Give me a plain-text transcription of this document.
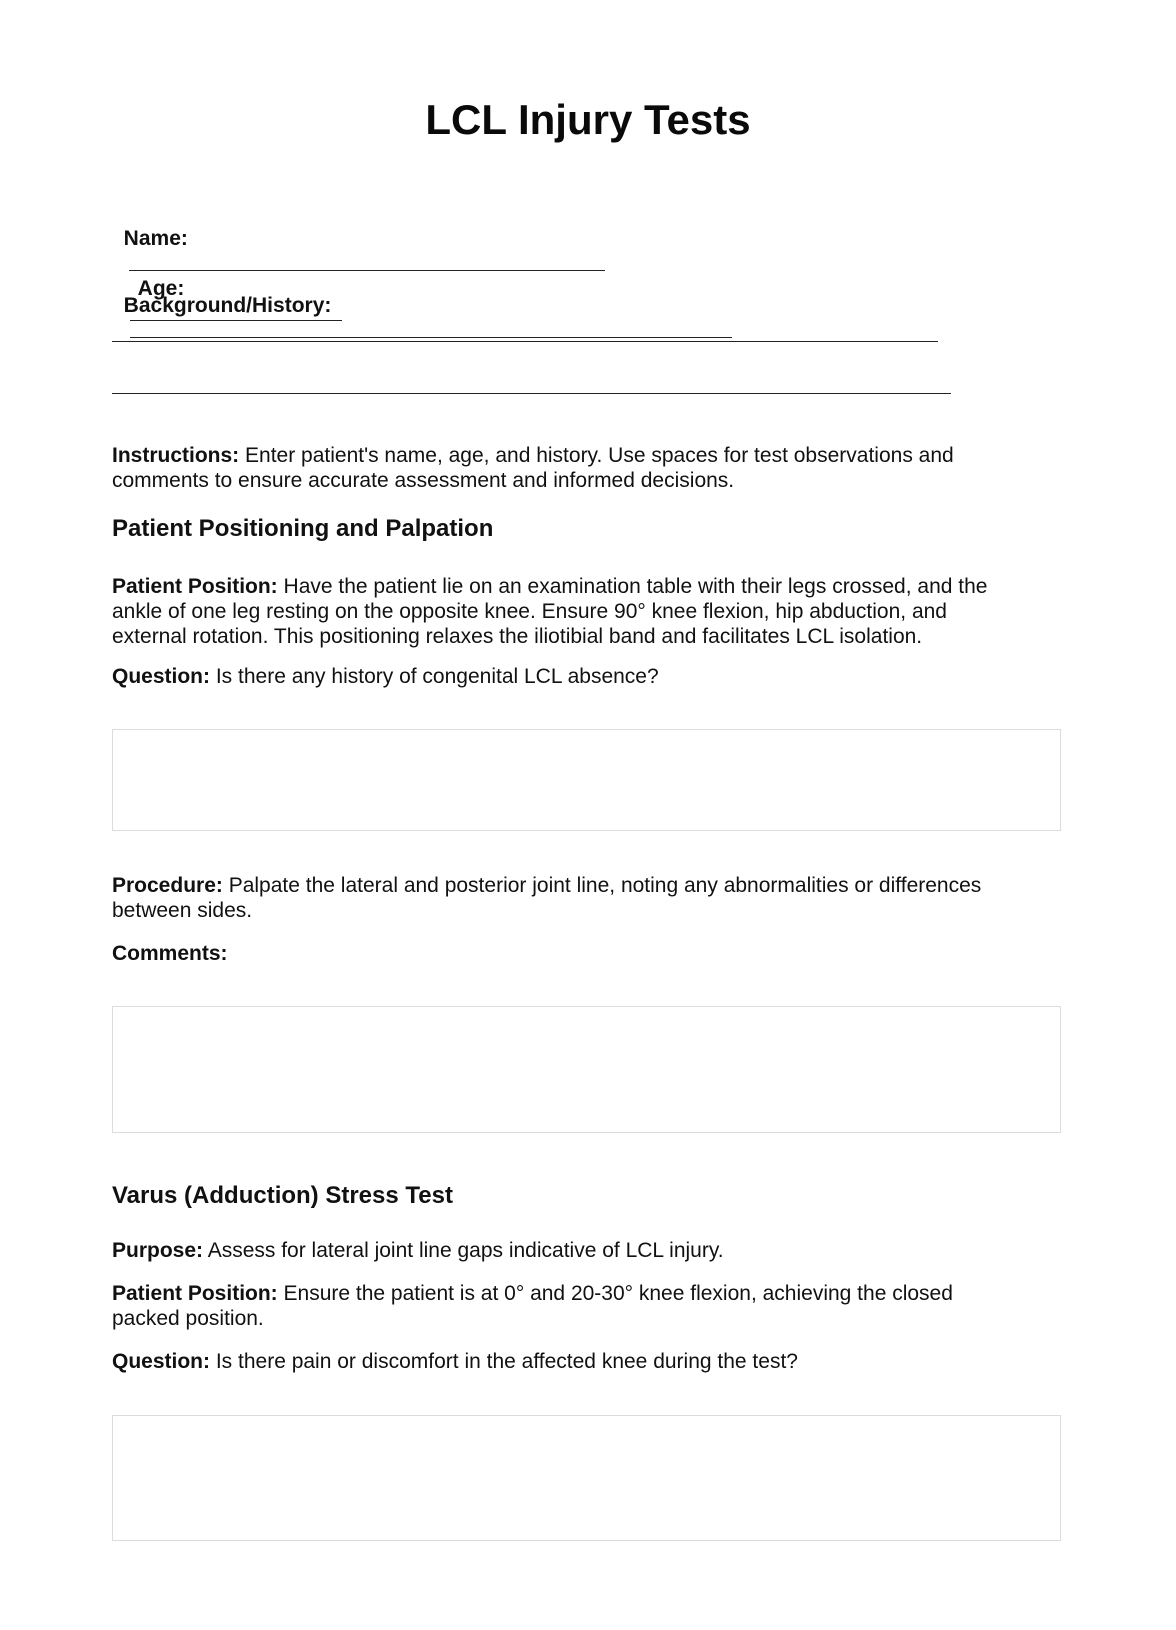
LCL Injury Tests

Name:

Age:

Background/History:

Instructions: Enter patient's name, age, and history. Use spaces for test observations and
comments to ensure accurate assessment and informed decisions.
Patient Positioning and Palpation
Patient Position: Have the patient lie on an examination table with their legs crossed, and the
ankle of one leg resting on the opposite knee. Ensure 90° knee flexion, hip abduction, and
external rotation. This positioning relaxes the iliotibial band and facilitates LCL isolation.
Question: Is there any history of congenital LCL absence?
Procedure: Palpate the lateral and posterior joint line, noting any abnormalities or differences
between sides.
Comments:
Varus (Adduction) Stress Test
Purpose: Assess for lateral joint line gaps indicative of LCL injury.
Patient Position: Ensure the patient is at 0° and 20-30° knee flexion, achieving the closed
packed position.
Question: Is there pain or discomfort in the affected knee during the test?
